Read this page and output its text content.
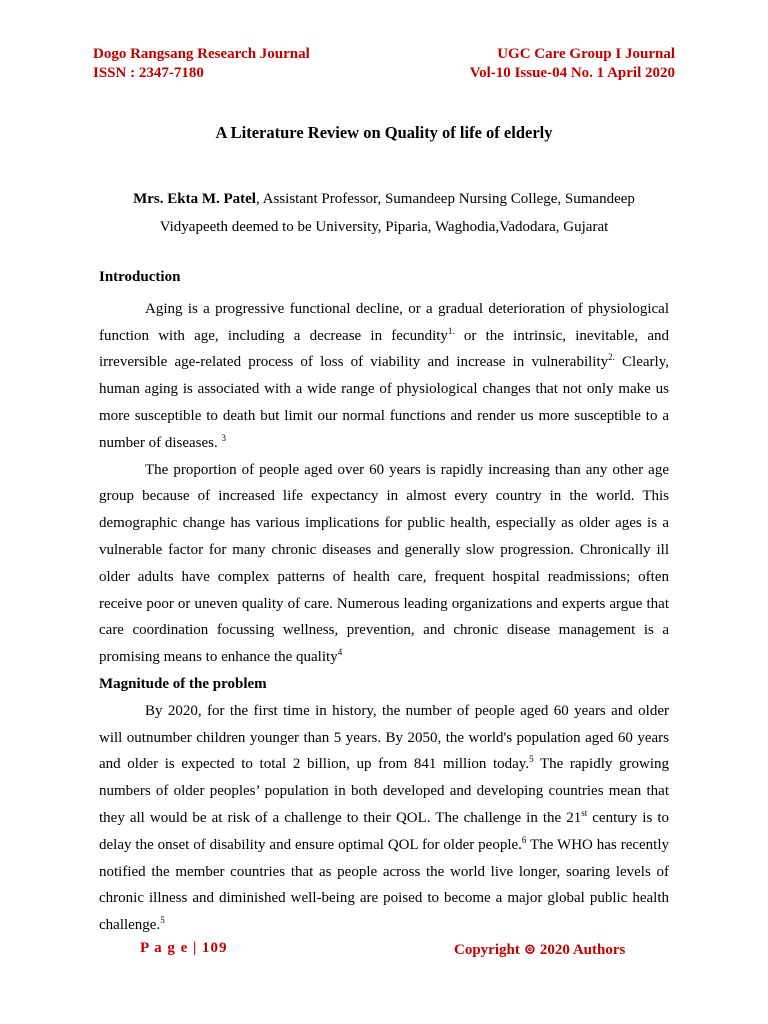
Dogo Rangsang Research Journal
ISSN : 2347-7180
UGC Care Group I Journal
Vol-10 Issue-04 No. 1 April 2020
A Literature Review on Quality of life of elderly
Mrs. Ekta M. Patel, Assistant Professor, Sumandeep Nursing College, Sumandeep
Vidyapeeth deemed to be University, Piparia, Waghodia,Vadodara, Gujarat
Introduction

Aging is a progressive functional decline, or a gradual deterioration of physiological function with age, including a decrease in fecundity$^{1.}$ or the intrinsic, inevitable, and irreversible age-related process of loss of viability and increase in vulnerability$^{2.}$ Clearly, human aging is associated with a wide range of physiological changes that not only make us more susceptible to death but limit our normal functions and render us more susceptible to a number of diseases. $^3$

The proportion of people aged over 60 years is rapidly increasing than any other age group because of increased life expectancy in almost every country in the world. This demographic change has various implications for public health, especially as older ages is a vulnerable factor for many chronic diseases and generally slow progression. Chronically ill older adults have complex patterns of health care, frequent hospital readmissions; often receive poor or uneven quality of care. Numerous leading organizations and experts argue that care coordination focussing wellness, prevention, and chronic disease management is a promising means to enhance the quality$^4$

Magnitude of the problem

By 2020, for the first time in history, the number of people aged 60 years and older will outnumber children younger than 5 years. By 2050, the world's population aged 60 years and older is expected to total 2 billion, up from 841 million today.$^5$ The rapidly growing numbers of older peoples’ population in both developed and developing countries mean that they all would be at risk of a challenge to their QOL. The challenge in the 21st century is to delay the onset of disability and ensure optimal QOL for older people.$^6$ The WHO has recently notified the member countries that as people across the world live longer, soaring levels of chronic illness and diminished well-being are poised to become a major global public health challenge.$^5$

P a g e | 109	Copyright ⊚ 2020 Authors
